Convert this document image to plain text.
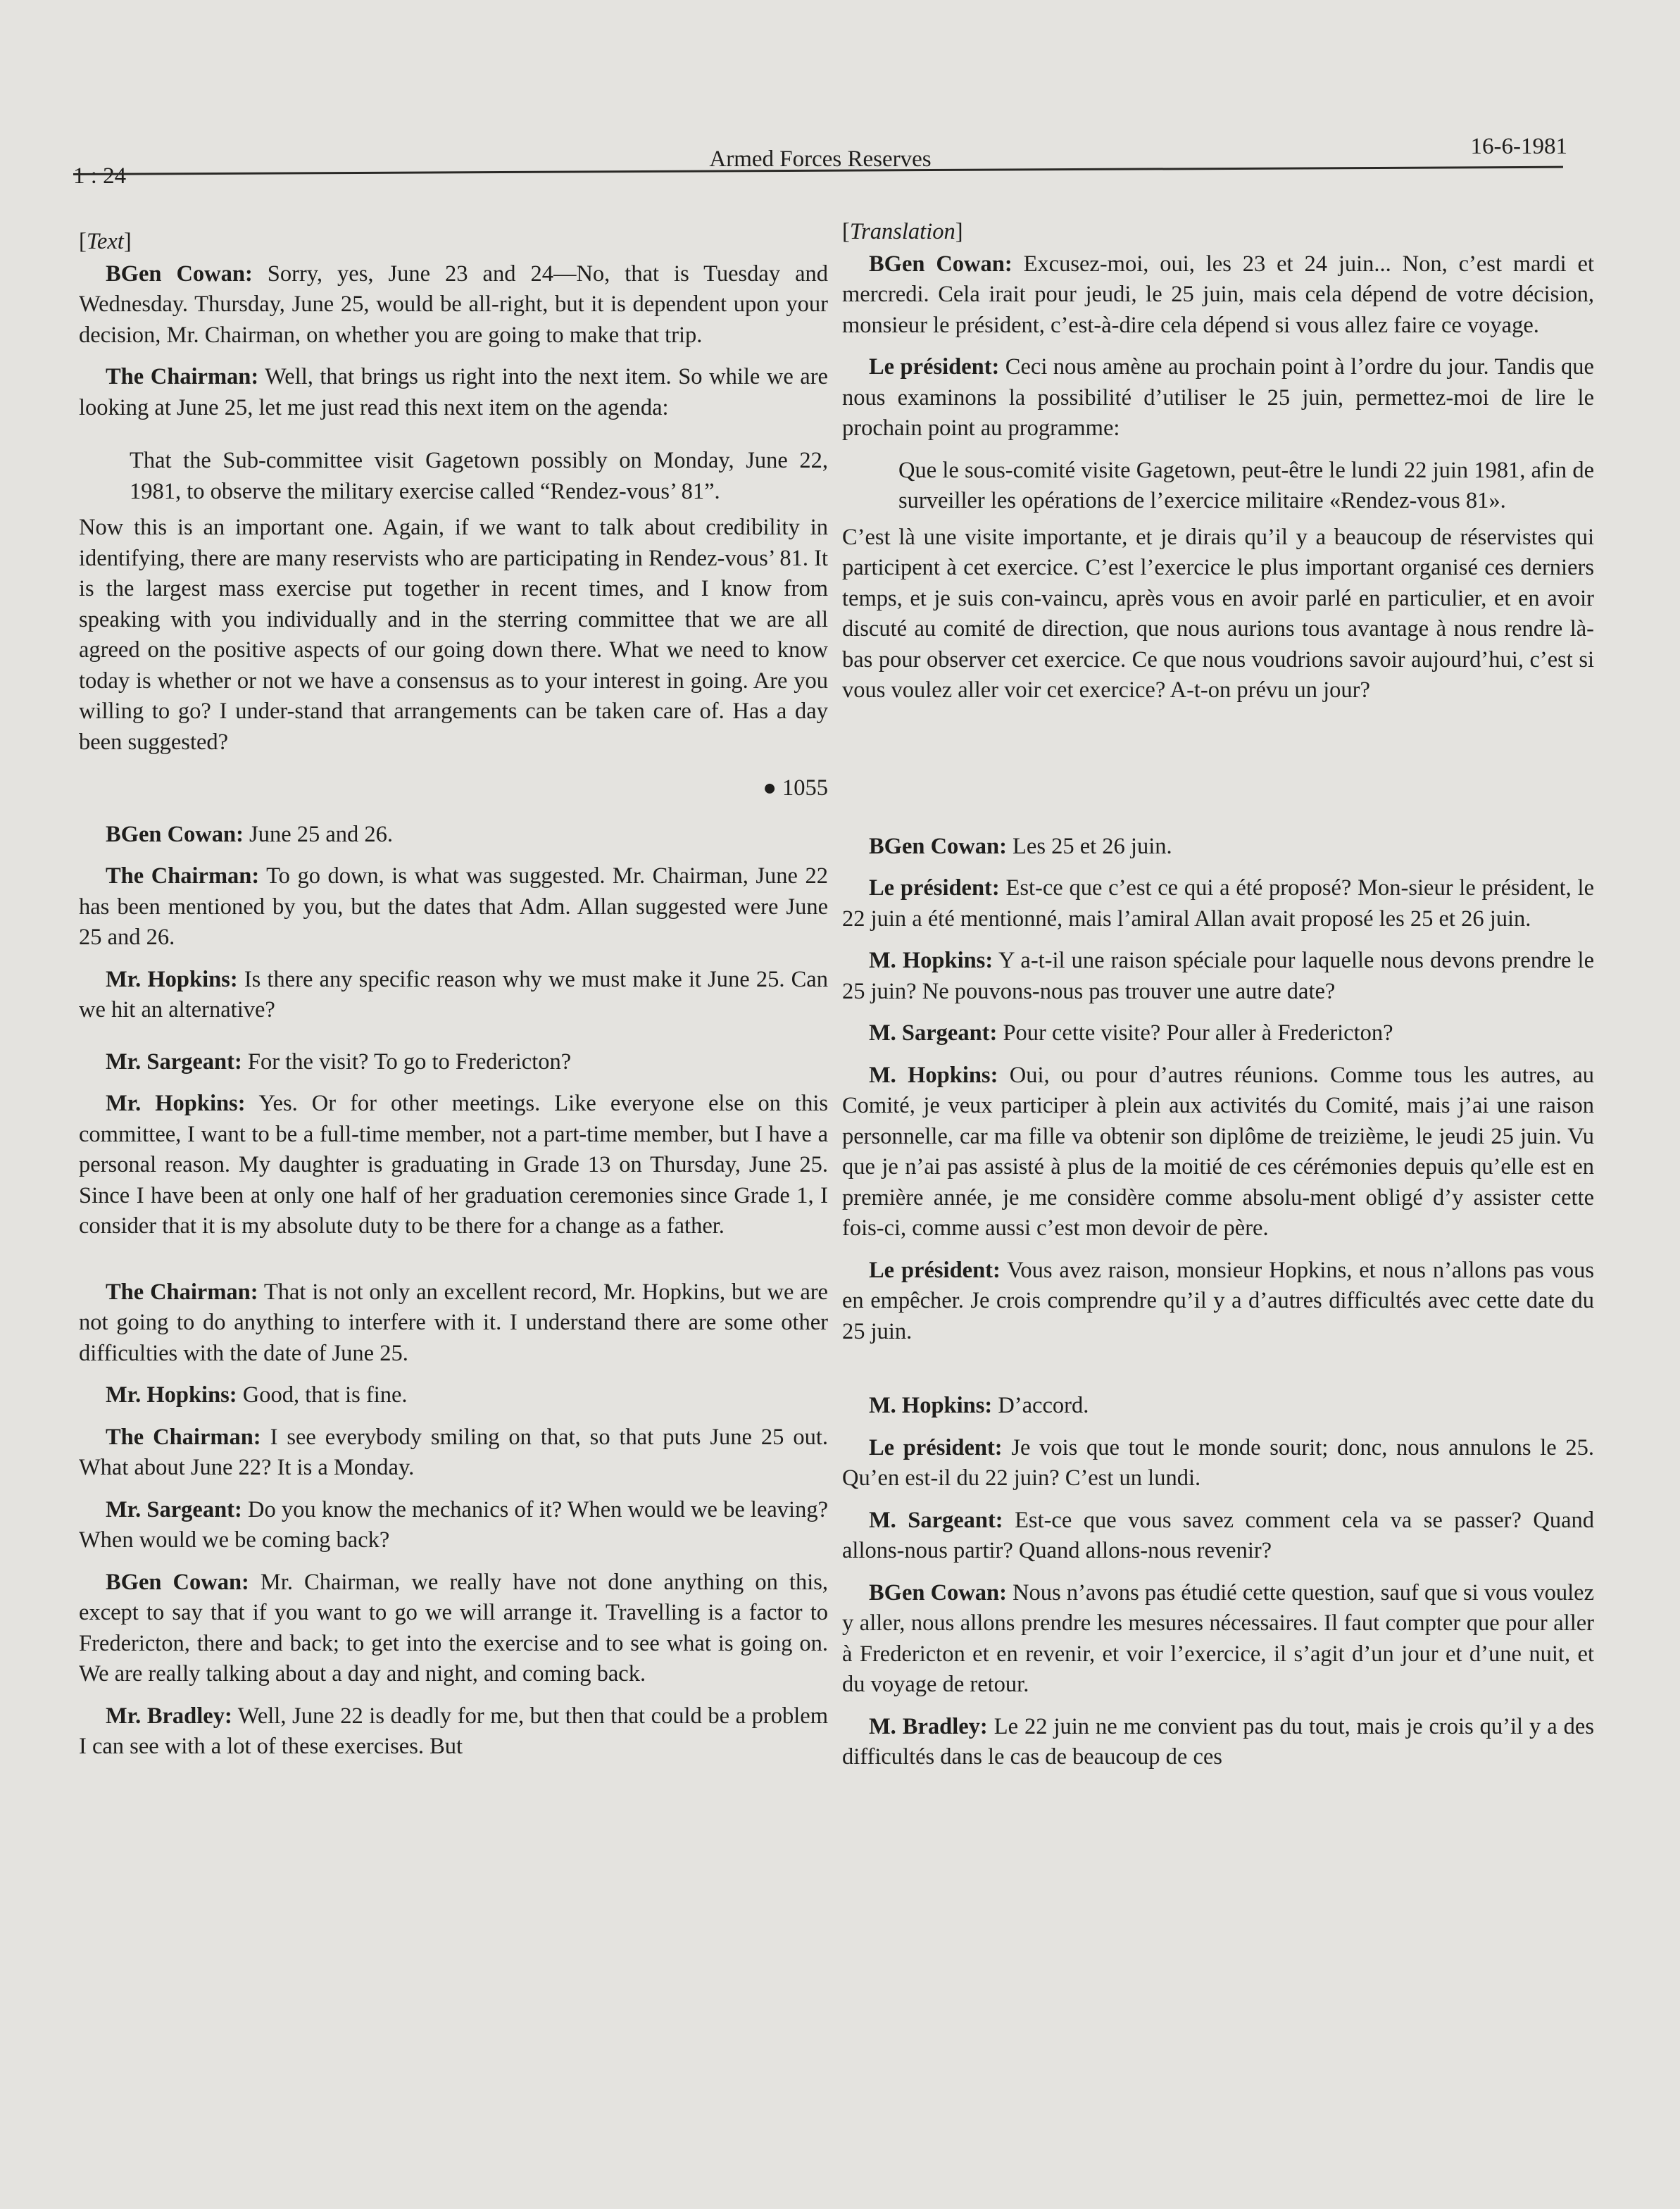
1 : 24
Armed Forces Reserves	16-6-1981
[Text]

BGen Cowan: Sorry, yes, June 23 and 24—No, that is Tuesday and Wednesday. Thursday, June 25, would be all-right, but it is dependent upon your decision, Mr. Chairman, on whether you are going to make that trip.

The Chairman: Well, that brings us right into the next item. So while we are looking at June 25, let me just read this next item on the agenda:

That the Sub-committee visit Gagetown possibly on Monday, June 22, 1981, to observe the military exercise called “Rendez-vous’ 81”.

Now this is an important one. Again, if we want to talk about credibility in identifying, there are many reservists who are participating in Rendez-vous’ 81. It is the largest mass exercise put together in recent times, and I know from speaking with you individually and in the sterring committee that we are all agreed on the positive aspects of our going down there. What we need to know today is whether or not we have a consensus as to your interest in going. Are you willing to go? I under-stand that arrangements can be taken care of. Has a day been suggested?

● 1055

BGen Cowan: June 25 and 26.

The Chairman: To go down, is what was suggested. Mr. Chairman, June 22 has been mentioned by you, but the dates that Adm. Allan suggested were June 25 and 26.

Mr. Hopkins: Is there any specific reason why we must make it June 25. Can we hit an alternative?

Mr. Sargeant: For the visit? To go to Fredericton?

Mr. Hopkins: Yes. Or for other meetings. Like everyone else on this committee, I want to be a full-time member, not a part-time member, but I have a personal reason. My daughter is graduating in Grade 13 on Thursday, June 25. Since I have been at only one half of her graduation ceremonies since Grade 1, I consider that it is my absolute duty to be there for a change as a father.

The Chairman: That is not only an excellent record, Mr. Hopkins, but we are not going to do anything to interfere with it. I understand there are some other difficulties with the date of June 25.

Mr. Hopkins: Good, that is fine.

The Chairman: I see everybody smiling on that, so that puts June 25 out. What about June 22? It is a Monday.

Mr. Sargeant: Do you know the mechanics of it? When would we be leaving? When would we be coming back?

BGen Cowan: Mr. Chairman, we really have not done anything on this, except to say that if you want to go we will arrange it. Travelling is a factor to Fredericton, there and back; to get into the exercise and to see what is going on. We are really talking about a day and night, and coming back.

Mr. Bradley: Well, June 22 is deadly for me, but then that could be a problem I can see with a lot of these exercises. But

[Translation]

BGen Cowan: Excusez-moi, oui, les 23 et 24 juin... Non, c’est mardi et mercredi. Cela irait pour jeudi, le 25 juin, mais cela dépend de votre décision, monsieur le président, c’est-à-dire cela dépend si vous allez faire ce voyage.

Le président: Ceci nous amène au prochain point à l’ordre du jour. Tandis que nous examinons la possibilité d’utiliser le 25 juin, permettez-moi de lire le prochain point au programme:

Que le sous-comité visite Gagetown, peut-être le lundi 22 juin 1981, afin de surveiller les opérations de l’exercice militaire «Rendez-vous 81».

C’est là une visite importante, et je dirais qu’il y a beaucoup de réservistes qui participent à cet exercice. C’est l’exercice le plus important organisé ces derniers temps, et je suis con-vaincu, après vous en avoir parlé en particulier, et en avoir discuté au comité de direction, que nous aurions tous avantage à nous rendre là-bas pour observer cet exercice. Ce que nous voudrions savoir aujourd’hui, c’est si vous voulez aller voir cet exercice? A-t-on prévu un jour?

BGen Cowan: Les 25 et 26 juin.

Le président: Est-ce que c’est ce qui a été proposé? Mon-sieur le président, le 22 juin a été mentionné, mais l’amiral Allan avait proposé les 25 et 26 juin.

M. Hopkins: Y a-t-il une raison spéciale pour laquelle nous devons prendre le 25 juin? Ne pouvons-nous pas trouver une autre date?

M. Sargeant: Pour cette visite? Pour aller à Fredericton?

M. Hopkins: Oui, ou pour d’autres réunions. Comme tous les autres, au Comité, je veux participer à plein aux activités du Comité, mais j’ai une raison personnelle, car ma fille va obtenir son diplôme de treizième, le jeudi 25 juin. Vu que je n’ai pas assisté à plus de la moitié de ces cérémonies depuis qu’elle est en première année, je me considère comme absolu-ment obligé d’y assister cette fois-ci, comme aussi c’est mon devoir de père.

Le président: Vous avez raison, monsieur Hopkins, et nous n’allons pas vous en empêcher. Je crois comprendre qu’il y a d’autres difficultés avec cette date du 25 juin.

M. Hopkins: D’accord.

Le président: Je vois que tout le monde sourit; donc, nous annulons le 25. Qu’en est-il du 22 juin? C’est un lundi.

M. Sargeant: Est-ce que vous savez comment cela va se passer? Quand allons-nous partir? Quand allons-nous revenir?

BGen Cowan: Nous n’avons pas étudié cette question, sauf que si vous voulez y aller, nous allons prendre les mesures nécessaires. Il faut compter que pour aller à Fredericton et en revenir, et voir l’exercice, il s’agit d’un jour et d’une nuit, et du voyage de retour.

M. Bradley: Le 22 juin ne me convient pas du tout, mais je crois qu’il y a des difficultés dans le cas de beaucoup de ces
